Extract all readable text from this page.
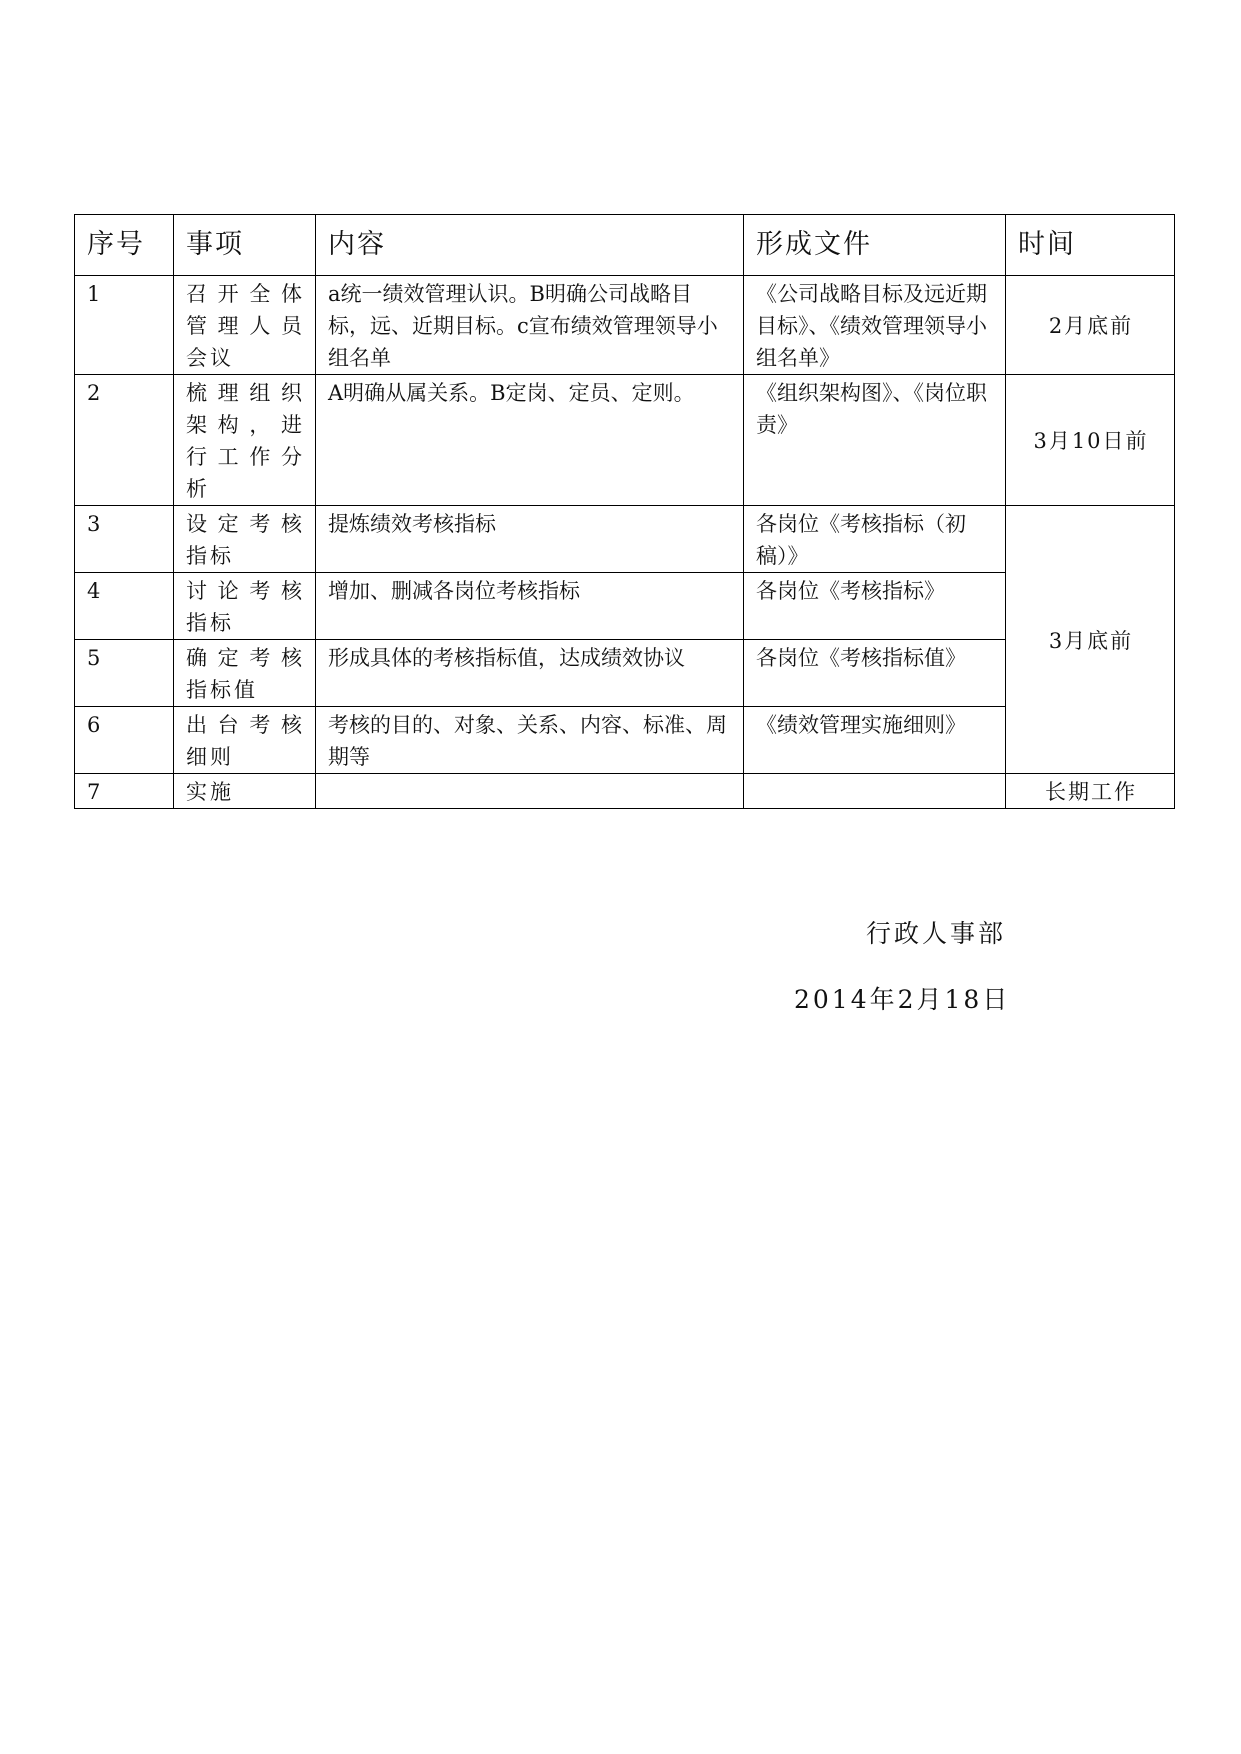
序号	事项	内容	形成文件	时间
1	召开全体管理人员会议	a统一绩效管理认识。B明确公司战略目标，远、近期目标。c宣布绩效管理领导小组名单	《公司战略目标及远近期目标》、《绩效管理领导小组名单》	2月底前
2	梳理组织架构，进行工作分析	A明确从属关系。B定岗、定员、定则。	《组织架构图》、《岗位职责》	3月10日前
3	设定考核指标	提炼绩效考核指标	各岗位《考核指标（初稿）》	3月底前
4	讨论考核指标	增加、删减各岗位考核指标	各岗位《考核指标》	
5	确定考核指标值	形成具体的考核指标值，达成绩效协议	各岗位《考核指标值》	
6	出台考核细则	考核的目的、对象、关系、内容、标准、周期等	《绩效管理实施细则》	
7	实施			长期工作
行政人事部
2014年2月18日
